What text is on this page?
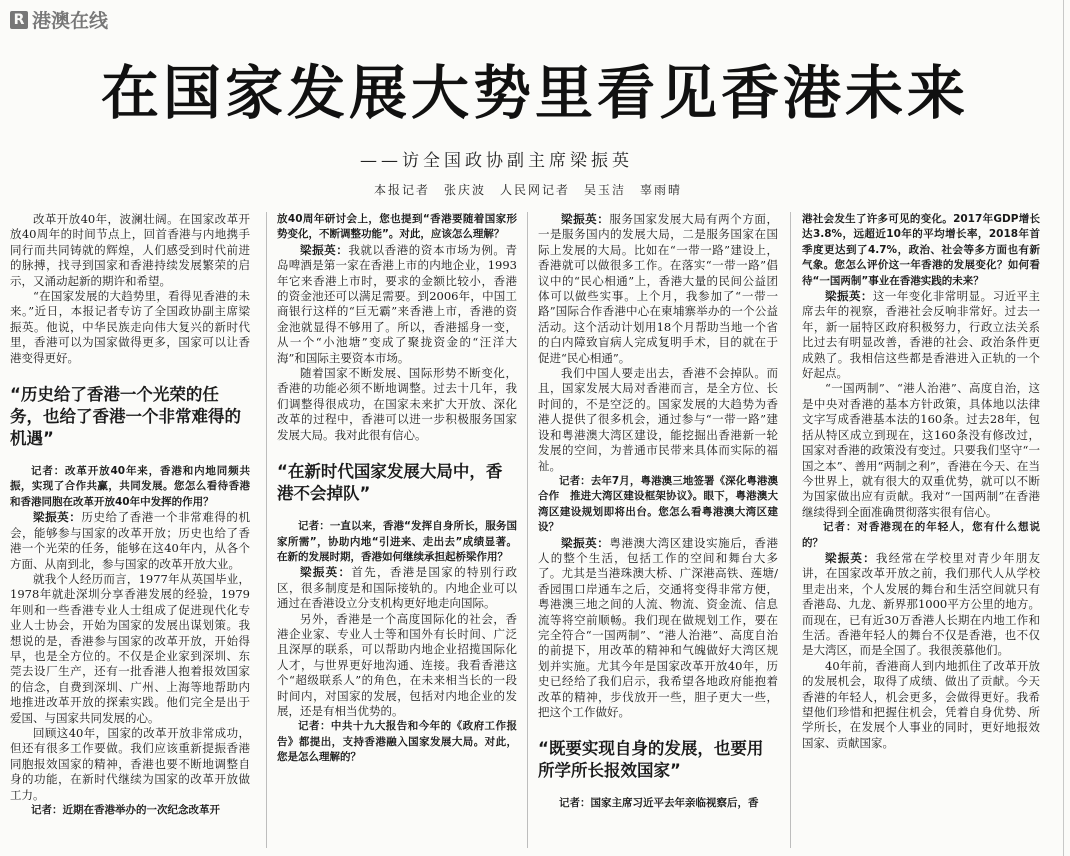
R 港澳在线
在国家发展大势里看见香港未来
——访全国政协副主席梁振英
本报记者　张庆波　人民网记者　吴玉洁　辜雨晴

改革开放40年，波澜壮阔。在国家改革开放40周年的时间节点上，回首香港与内地携手同行而共同铸就的辉煌，人们感受到时代前进的脉搏，找寻到国家和香港持续发展繁荣的启示，又涌动起新的期许和希望。

“在国家发展的大趋势里，看得见香港的未来。”近日，本报记者专访了全国政协副主席梁振英。他说，中华民族走向伟大复兴的新时代里，香港可以为国家做得更多，国家可以让香港变得更好。

“历史给了香港一个光荣的任务，也给了香港一个非常难得的机遇”

记者：改革开放40年来，香港和内地同频共振，实现了合作共赢，共同发展。您怎么看待香港和香港同胞在改革开放40年中发挥的作用？

梁振英：历史给了香港一个非常难得的机会，能够参与国家的改革开放；历史也给了香港一个光荣的任务，能够在这40年内，从各个方面、从南到北，参与国家的改革开放大业。

就我个人经历而言，1977年从英国毕业，1978年就赴深圳分享香港发展的经验，1979年则和一些香港专业人士组成了促进现代化专业人士协会，开始为国家的发展出谋划策。我想说的是，香港参与国家的改革开放，开始得早，也是全方位的。不仅是企业家到深圳、东莞去设厂生产，还有一批香港人抱着报效国家的信念，自费到深圳、广州、上海等地帮助内地推进改革开放的探索实践。他们完全是出于爱国、与国家共同发展的心。

回顾这40年，国家的改革开放非常成功，但还有很多工作要做。我们应该重新提振香港同胞报效国家的精神，香港也要不断地调整自身的功能，在新时代继续为国家的改革开放做工力。

记者：近期在香港举办的一次纪念改革开

放40周年研讨会上，您也提到“香港要随着国家形势变化，不断调整功能”。对此，应该怎么理解？

梁振英：我就以香港的资本市场为例。青岛啤酒是第一家在香港上市的内地企业，1993年它来香港上市时，要求的金额比较小，香港的资金池还可以满足需要。到2006年，中国工商银行这样的“巨无霸”来香港上市，香港的资金池就显得不够用了。所以，香港摇身一变，从一个“小池塘”变成了聚拢资金的“汪洋大海”和国际主要资本市场。

随着国家不断发展、国际形势不断变化，香港的功能必须不断地调整。过去十几年，我们调整得很成功，在国家未来扩大开放、深化改革的过程中，香港可以进一步积极服务国家发展大局。我对此很有信心。

“在新时代国家发展大局中，香港不会掉队”

记者：一直以来，香港“发挥自身所长，服务国家所需”，协助内地“引进来、走出去”成绩显著。在新的发展时期，香港如何继续承担起桥梁作用？

梁振英：首先，香港是国家的特别行政区，很多制度是和国际接轨的。内地企业可以通过在香港设立分支机构更好地走向国际。

另外，香港是一个高度国际化的社会，香港企业家、专业人士等和国外有长时间、广泛且深厚的联系，可以帮助内地企业招揽国际化人才，与世界更好地沟通、连接。我看香港这个“超级联系人”的角色，在未来相当长的一段时间内，对国家的发展，包括对内地企业的发展，还是有相当优势的。

记者：中共十九大报告和今年的《政府工作报告》都提出，支持香港融入国家发展大局。对此，您是怎么理解的？

梁振英：服务国家发展大局有两个方面，一是服务国内的发展大局，二是服务国家在国际上发展的大局。比如在“一带一路”建设上，香港就可以做很多工作。在落实“一带一路”倡议中的“民心相通”上，香港大量的民间公益团体可以做些实事。上个月，我参加了“一带一路”国际合作香港中心在柬埔寨举办的一个公益活动。这个活动计划用18个月帮助当地一个省的白内障致盲病人完成复明手术，目的就在于促进“民心相通”。

我们中国人要走出去，香港不会掉队。而且，国家发展大局对香港而言，是全方位、长时间的，不是空泛的。国家发展的大趋势为香港人提供了很多机会，通过参与“一带一路”建设和粤港澳大湾区建设，能挖掘出香港新一轮发展的空间，为普通市民带来具体而实际的福祉。

记者：去年7月，粤港澳三地签署《深化粤港澳合作　推进大湾区建设框架协议》。眼下，粤港澳大湾区建设规划即将出台。您怎么看粤港澳大湾区建设？

梁振英：粤港澳大湾区建设实施后，香港人的整个生活，包括工作的空间和舞台大多了。尤其是当港珠澳大桥、广深港高铁、莲塘/香园围口岸通车之后，交通将变得非常方便，粤港澳三地之间的人流、物流、资金流、信息流等将空前顺畅。我们现在做规划工作，要在完全符合“一国两制”、“港人治港”、高度自治的前提下，用改革的精神和气魄做好大湾区规划并实施。尤其今年是国家改革开放40年，历史已经给了我们启示，我希望各地政府能抱着改革的精神，步伐放开一些，胆子更大一些，把这个工作做好。

“既要实现自身的发展，也要用所学所长报效国家”

记者：国家主席习近平去年亲临视察后，香

港社会发生了许多可见的变化。2017年GDP增长达3.8%，远超近10年的平均增长率，2018年首季度更达到了4.7%，政治、社会等多方面也有新气象。您怎么评价这一年香港的发展变化？如何看待“一国两制”事业在香港实践的未来？

梁振英：这一年变化非常明显。习近平主席去年的视察，香港社会反响非常好。过去一年，新一届特区政府积极努力，行政立法关系比过去有明显改善，香港的社会、政治条件更成熟了。我相信这些都是香港进入正轨的一个好起点。

“一国两制”、“港人治港”、高度自治，这是中央对香港的基本方针政策，具体地以法律文字写成香港基本法的160条。过去28年，包括从特区成立到现在，这160条没有修改过，国家对香港的政策没有变过。只要我们坚守“一国之本”、善用“两制之利”，香港在今天、在当今世界上，就有很大的双重优势，就可以不断为国家做出应有贡献。我对“一国两制”在香港继续得到全面准确贯彻落实很有信心。

记者：对香港现在的年轻人，您有什么想说的？

梁振英：我经常在学校里对青少年朋友讲，在国家改革开放之前，我们那代人从学校里走出来，个人发展的舞台和生活空间就只有香港岛、九龙、新界那1000平方公里的地方。而现在，已有近30万香港人长期在内地工作和生活。香港年轻人的舞台不仅是香港，也不仅是大湾区，而是全国了。我很羡慕他们。

40年前，香港商人到内地抓住了改革开放的发展机会，取得了成绩、做出了贡献。今天香港的年轻人，机会更多，会做得更好。我希望他们珍惜和把握住机会，凭着自身优势、所学所长，在发展个人事业的同时，更好地报效国家、贡献国家。
